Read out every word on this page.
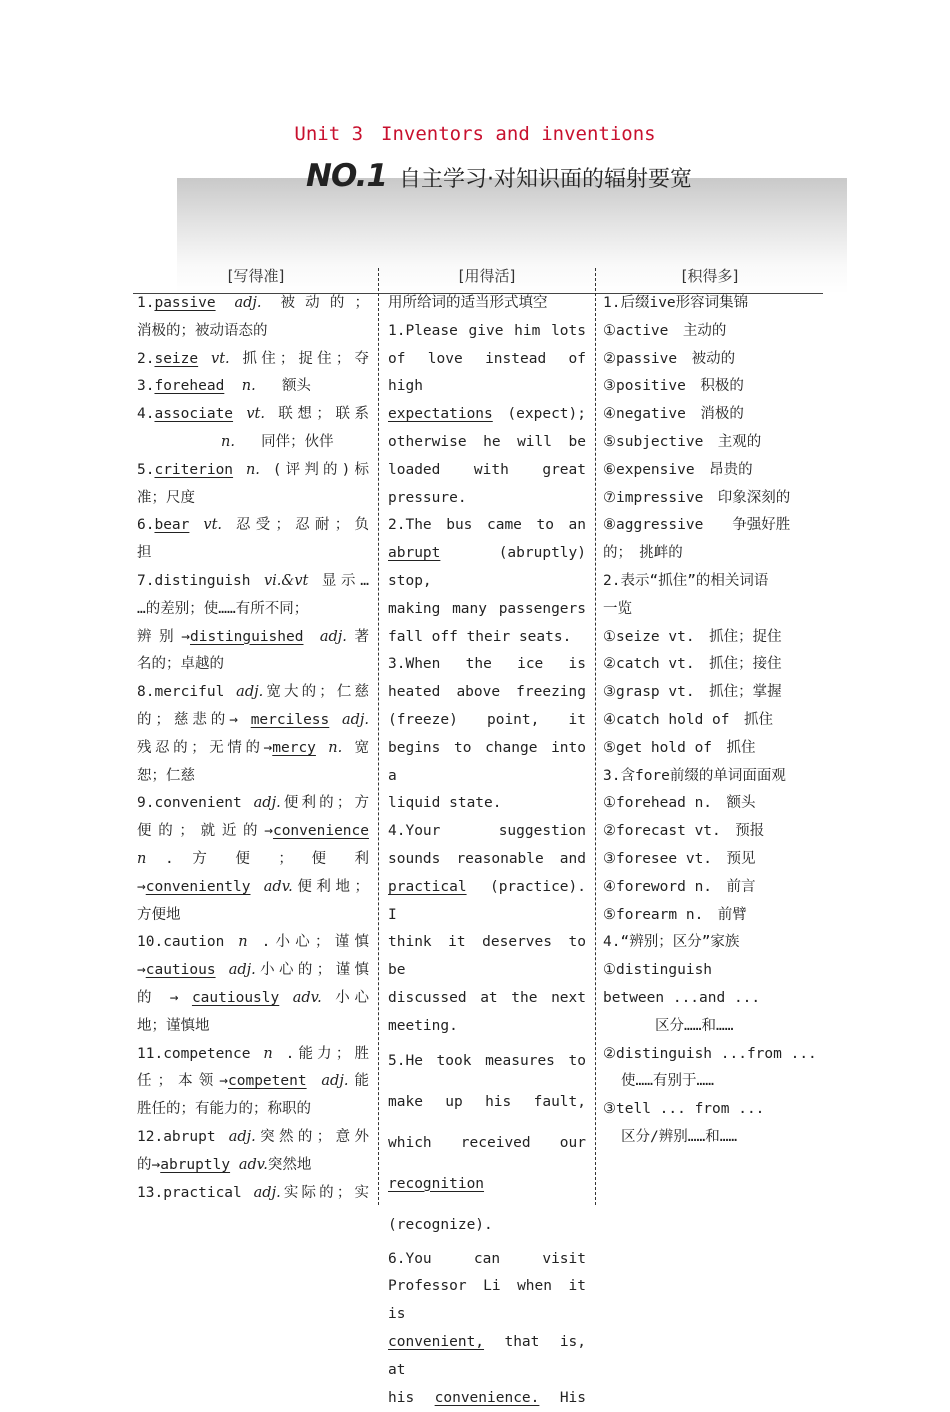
Unit 3 Inventors and inventions
NO.1 自主学习·对知识面的辐射要宽
[写得准]	[用得活]	[积得多]

1.passive adj. 被动的；

消极的；被动语态的

2.seize vt. 抓住；捉住；夺

3.forehead n. 额头

4.associate vt. 联想；联系

n. 同伴；伙伴

5.criterion n. (评判的)标

准；尺度

6.bear vt. 忍受；忍耐；负

担

7.distinguish vi.&vt 显示…

…的差别；使……有所不同；

辨别→distinguished adj.著

名的；卓越的

8.merciful adj.宽大的；仁慈

的；慈悲的→ merciless adj.

残忍的；无情的→mercy n. 宽

恕；仁慈

9.convenient adj.便利的；方

便的；就近的→convenience

n . 方 便 ； 便 利

→conveniently adv.便利地；

方便地

10.caution n .小心；谨慎

→cautious adj.小心的；谨慎

的 → cautiously adv. 小心

地；谨慎地

11.competence n .能力；胜

任；本领→competent adj.能

胜任的；有能力的；称职的

12.abrupt adj.突然的；意外

的→abruptly adv.突然地

13.practical adj.实际的；实

用所给词的适当形式填空

1.Please give him lots

of love instead of high

expectations (expect);

otherwise he will be

loaded with great

pressure.

2.The bus came to an

abrupt	(abruptly) stop,

making many passengers

fall off their seats.

3.When the ice is

heated above freezing

(freeze) point, it

begins to change into a

liquid state.

4.Your suggestion

sounds reasonable and

practical (practice). I

think it deserves to be

discussed at the next

meeting.

5.He took measures to

make up his fault,

which received our

recognition

(recognize).

6.You can visit

Professor Li when it is

convenient, that is, at

his convenience. His

1.后缀ive形容词集锦

①active　主动的

②passive　被动的

③positive　积极的

④negative　消极的

⑤subjective　主观的

⑥expensive　昂贵的

⑦impressive　印象深刻的

⑧aggressive　　争强好胜

的；　挑衅的

2.表示“抓住”的相关词语

一览

①seize vt.　抓住；捉住

②catch vt.　抓住；接住

③grasp vt.　抓住；掌握

④catch hold of　抓住

⑤get hold of　抓住

3.含fore前缀的单词面面观

①forehead n.　额头

②forecast vt.　预报

③foresee vt.　预见

④foreword n.　前言

⑤forearm n.　前臂

4.“辨别；区分”家族

①distinguish

between ...and ...

区分……和……

②distinguish ...from ...

使……有别于……

③tell ... from ...

区分/辨别……和……
